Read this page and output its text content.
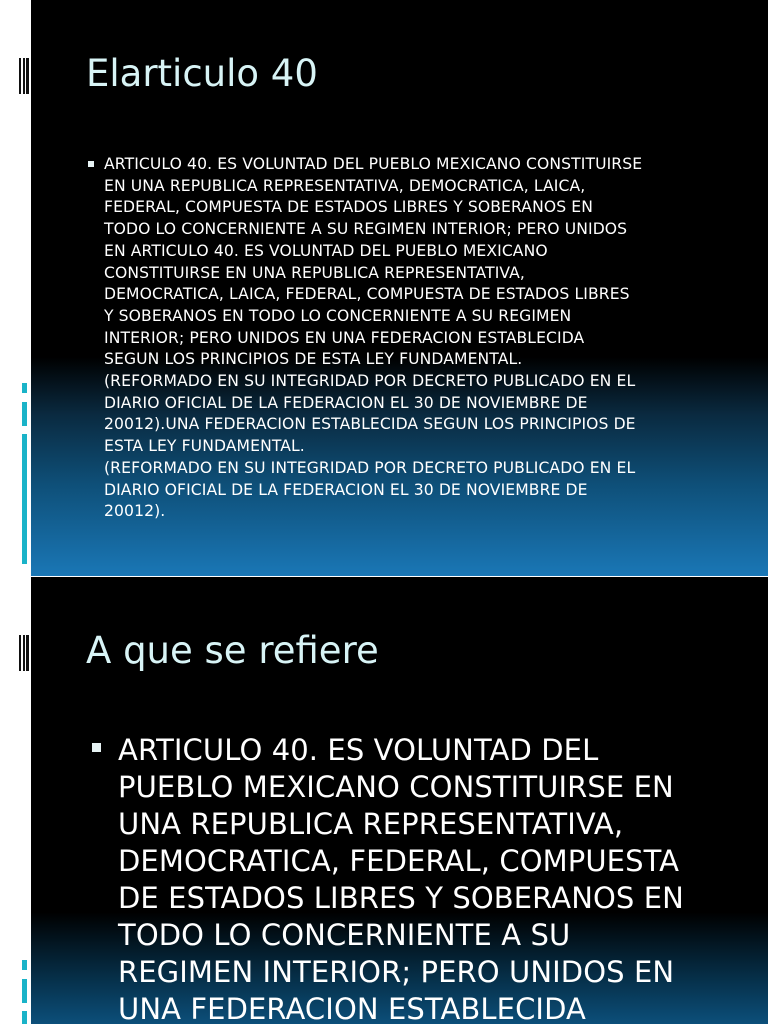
Elarticulo 40
ARTICULO 40. ES VOLUNTAD DEL PUEBLO MEXICANO CONSTITUIRSE
EN UNA REPUBLICA REPRESENTATIVA, DEMOCRATICA, LAICA,
FEDERAL, COMPUESTA DE ESTADOS LIBRES Y SOBERANOS EN
TODO LO CONCERNIENTE A SU REGIMEN INTERIOR; PERO UNIDOS
EN ARTICULO 40. ES VOLUNTAD DEL PUEBLO MEXICANO
CONSTITUIRSE EN UNA REPUBLICA REPRESENTATIVA,
DEMOCRATICA, LAICA, FEDERAL, COMPUESTA DE ESTADOS LIBRES
Y SOBERANOS EN TODO LO CONCERNIENTE A SU REGIMEN
INTERIOR; PERO UNIDOS EN UNA FEDERACION ESTABLECIDA
SEGUN LOS PRINCIPIOS DE ESTA LEY FUNDAMENTAL.
(REFORMADO EN SU INTEGRIDAD POR DECRETO PUBLICADO EN EL
DIARIO OFICIAL DE LA FEDERACION EL 30 DE NOVIEMBRE DE
20012).UNA FEDERACION ESTABLECIDA SEGUN LOS PRINCIPIOS DE
ESTA LEY FUNDAMENTAL.
(REFORMADO EN SU INTEGRIDAD POR DECRETO PUBLICADO EN EL
DIARIO OFICIAL DE LA FEDERACION EL 30 DE NOVIEMBRE DE
20012).
A que se refiere
ARTICULO 40. ES VOLUNTAD DEL
PUEBLO MEXICANO CONSTITUIRSE EN
UNA REPUBLICA REPRESENTATIVA,
DEMOCRATICA, FEDERAL, COMPUESTA
DE ESTADOS LIBRES Y SOBERANOS EN
TODO LO CONCERNIENTE A SU
REGIMEN INTERIOR; PERO UNIDOS EN
UNA FEDERACION ESTABLECIDA
